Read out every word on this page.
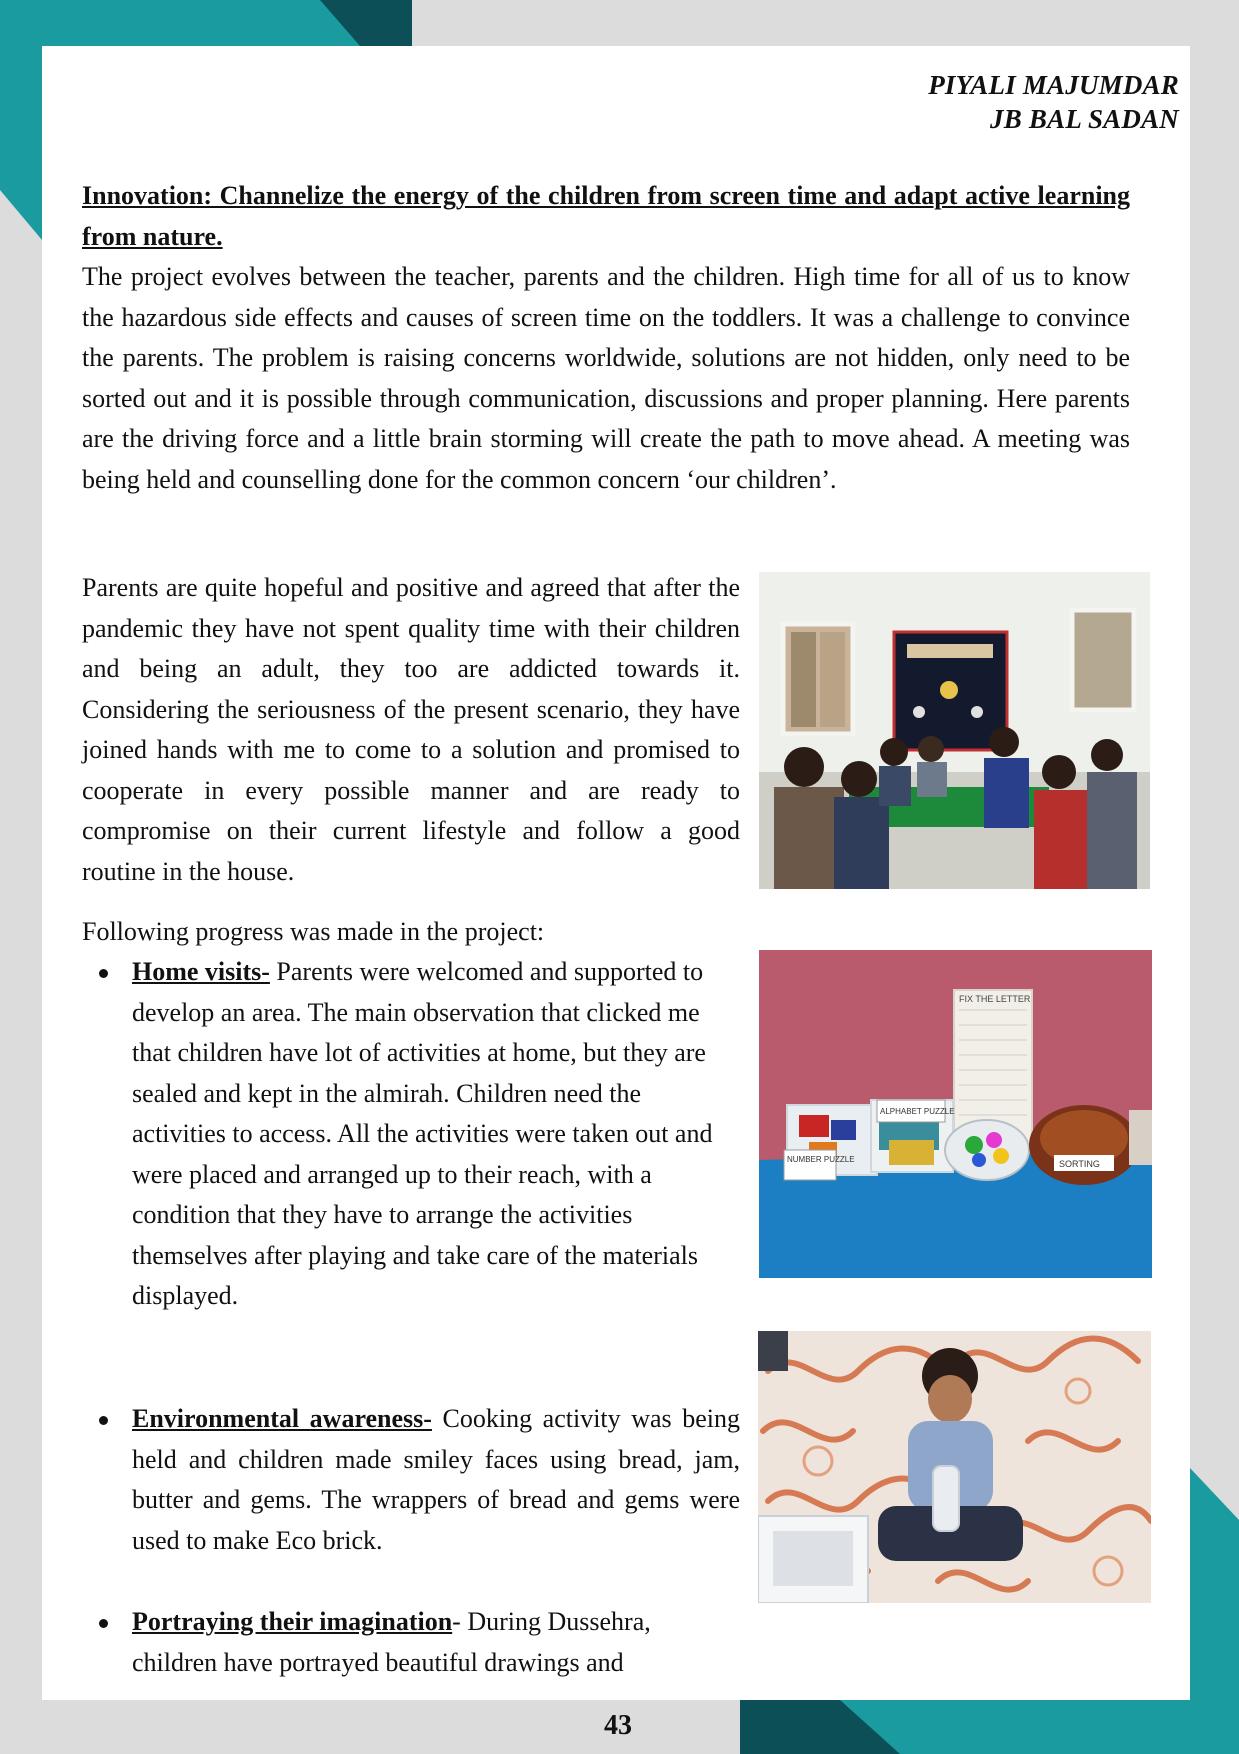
PIYALI MAJUMDAR
JB BAL SADAN

Innovation: Channelize the energy of the children from screen time and adapt active learning from nature.

The project evolves between the teacher, parents and the children. High time for all of us to know the hazardous side effects and causes of screen time on the toddlers. It was a challenge to convince the parents. The problem is raising concerns worldwide, solutions are not hidden, only need to be sorted out and it is possible through communication, discussions and proper planning. Here parents are the driving force and a little brain storming will create the path to move ahead. A meeting was being held and counselling done for the common concern ‘our children’.

Parents are quite hopeful and positive and agreed that after the pandemic they have not spent quality time with their children and being an adult, they too are addicted towards it. Considering the seriousness of the present scenario, they have joined hands with me to come to a solution and promised to cooperate in every possible manner and are ready to compromise on their current lifestyle and follow a good routine in the house.

Following progress was made in the project:
FIX THE LETTER
NUMBER PUZZLE
ALPHABET PUZZLE
SORTING
Home visits- Parents were welcomed and supported to develop an area. The main observation that clicked me that children have lot of activities at home, but they are sealed and kept in the almirah. Children need the activities to access. All the activities were taken out and were placed and arranged up to their reach, with a condition that they have to arrange the activities themselves after playing and take care of the materials displayed.
Environmental awareness- Cooking activity was being held and children made smiley faces using bread, jam, butter and gems. The wrappers of bread and gems were used to make Eco brick.
Portraying their imagination- During Dussehra, children have portrayed beautiful drawings and
43
